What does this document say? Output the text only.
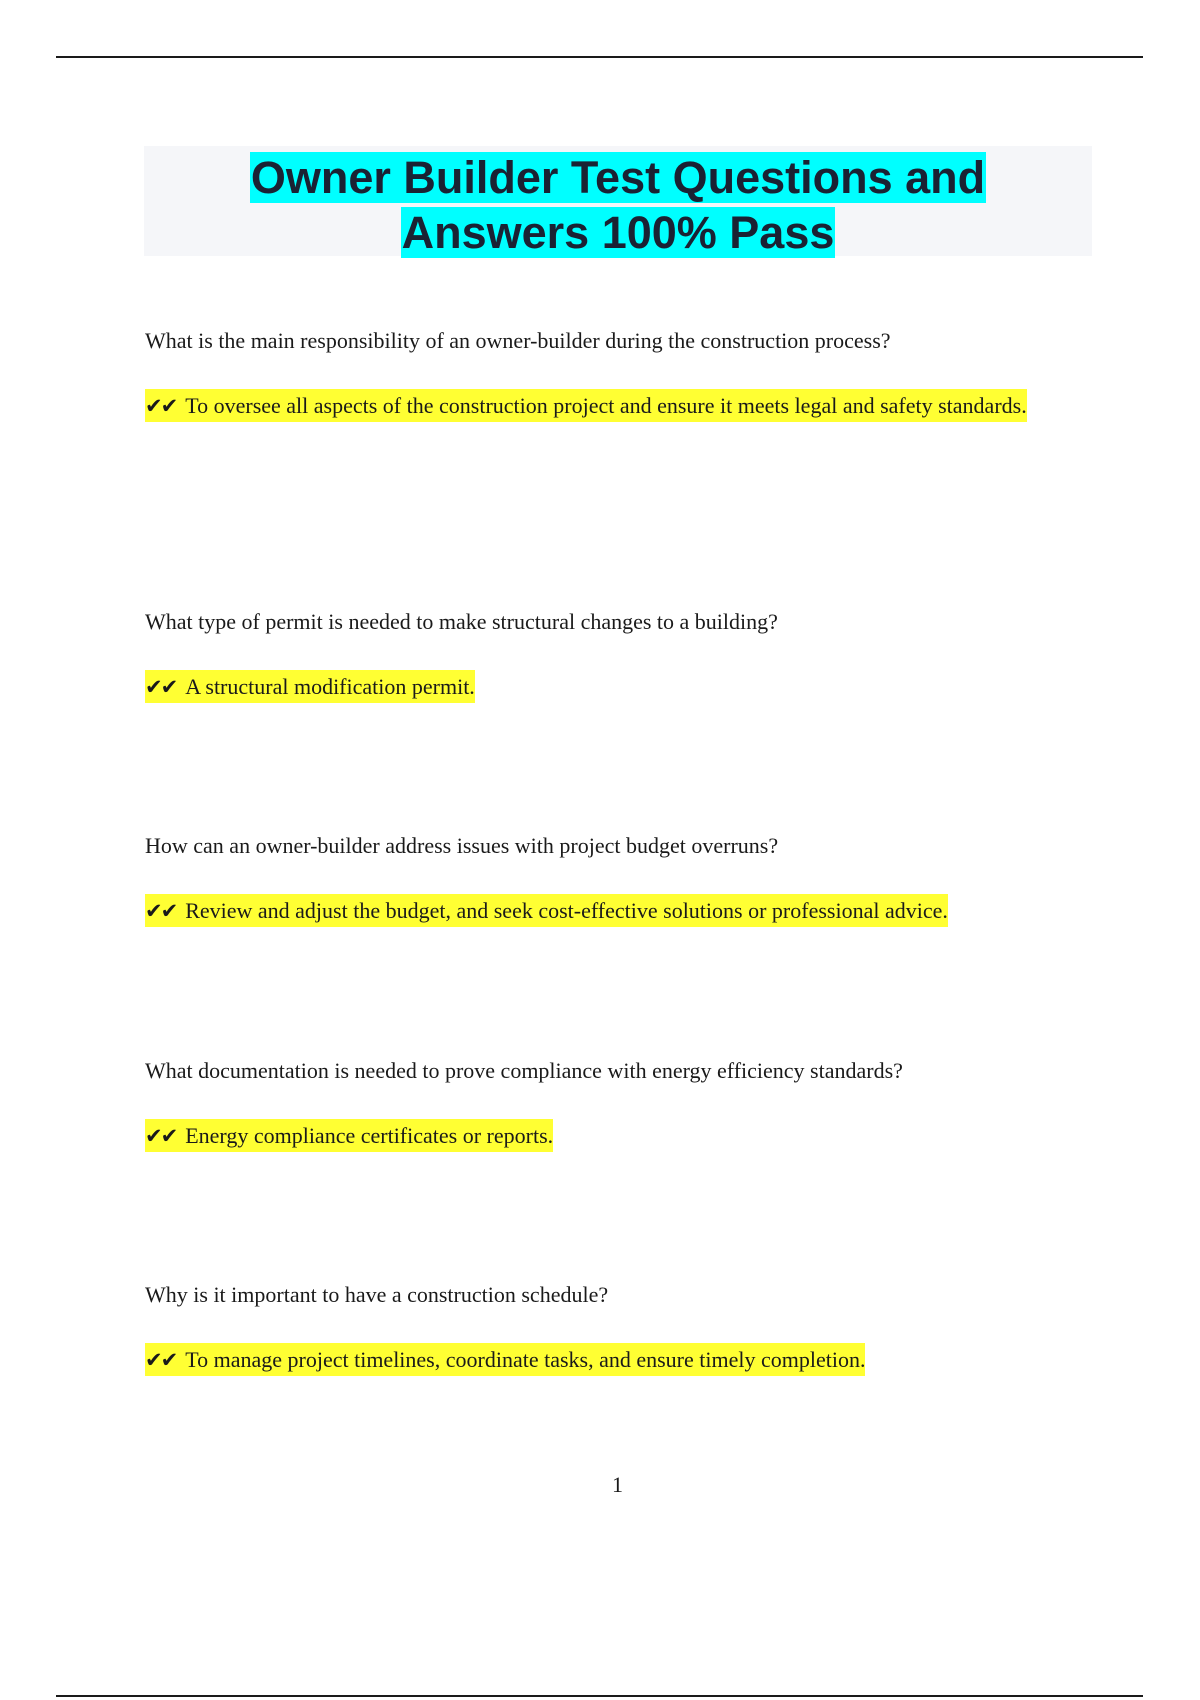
Owner Builder Test Questions and
Answers 100% Pass
What is the main responsibility of an owner-builder during the construction process?
✔✔ To oversee all aspects of the construction project and ensure it meets legal and safety standards.
What type of permit is needed to make structural changes to a building?
✔✔ A structural modification permit.
How can an owner-builder address issues with project budget overruns?
✔✔ Review and adjust the budget, and seek cost-effective solutions or professional advice.
What documentation is needed to prove compliance with energy efficiency standards?
✔✔ Energy compliance certificates or reports.
Why is it important to have a construction schedule?
✔✔ To manage project timelines, coordinate tasks, and ensure timely completion.
1
